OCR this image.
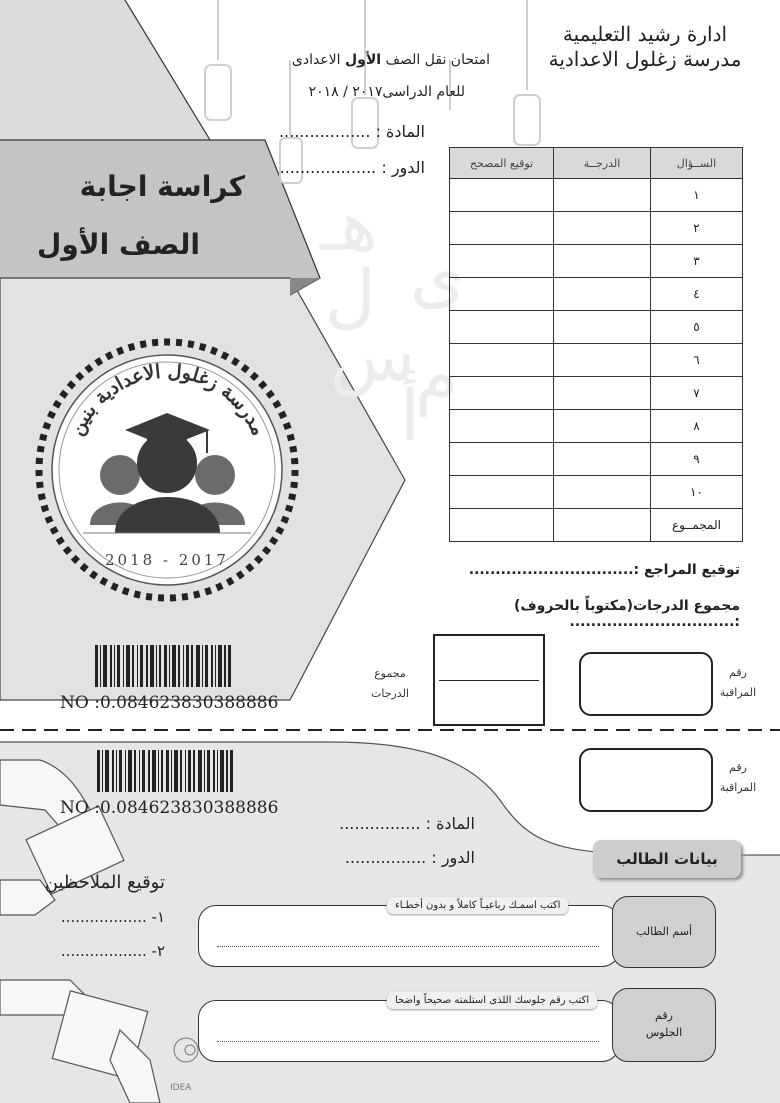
هـ
ل ى
س م
أ
IDEA
ادارة رشيد التعليمية
مدرسة زغلول الاعدادية
امتحان نقل الصف الأول الاعدادى
للعام الدراسى٢٠١٧ / ٢٠١٨
المادة : ..................
الدور : ...................
كراسة اجابة
الصف الأول
مدرسة زغلول الاعدادية بنين
2018 - 2017
NO :0.084623830388886
الســؤال	الدرجــة	توقيع المصحح
١		
٢		
٣		
٤		
٥		
٦		
٧		
٨		
٩		
١٠		
المجمــوع		
توقيع المراجع :...............................
مجموع الدرجات(مكتوباً بالحروف) :...............................
مجموع الدرجات
رقم
المراقبة
NO :0.084623830388886
رقم
المراقبة
المادة : ................
الدور : ................	بيانات الطالب
توقيع الملاحظين
١- ..................
٢- ..................
أسم الطالب
اكتب اسمـك رباعيـاً كاملاً و بدون أخطـاء
رقم
الجلوس
اكتب رقم جلوسك اللذى استلمته صحيحاً واضحا
